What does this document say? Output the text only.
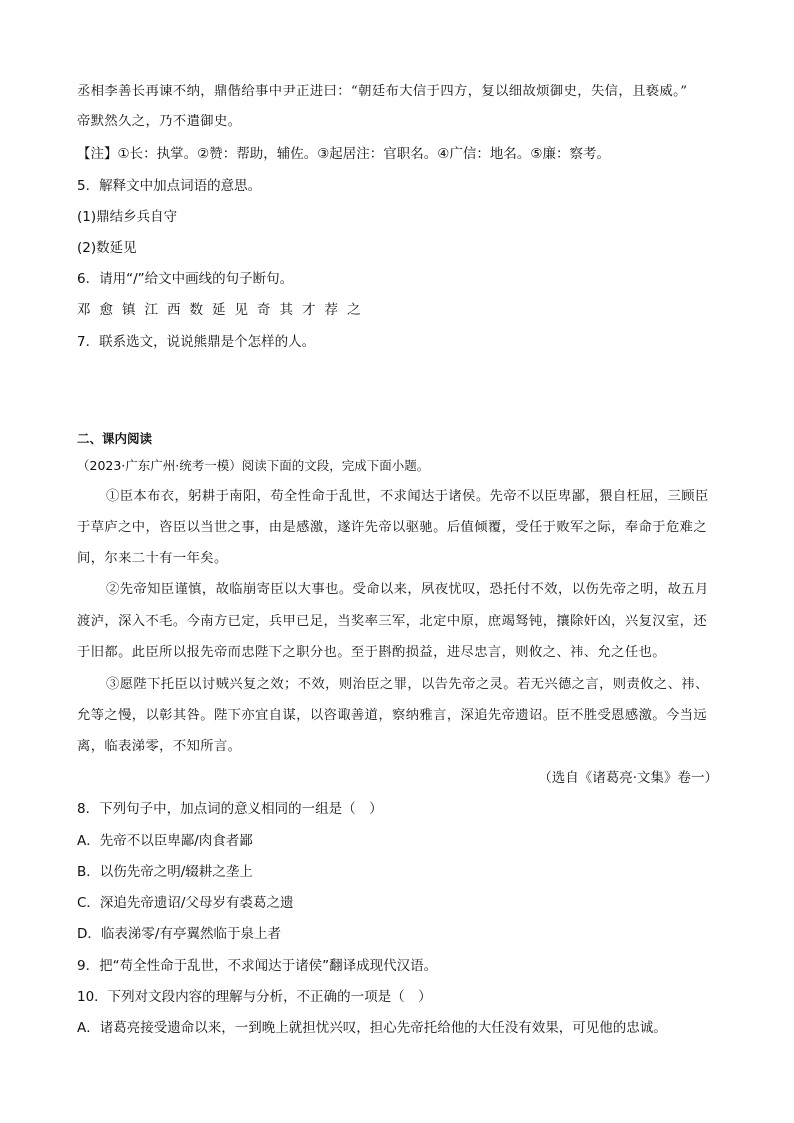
丞相李善长再谏不纳，鼎偕给事中尹正进曰：“朝廷布大信于四方，复以细故烦御史，失信，且亵威。”
帝默然久之，乃不遣御史。
【注】①长：执掌。②赞：帮助，辅佐。③起居注：官职名。④广信：地名。⑤廉：察考。
5．解释文中加点词语的意思。
(1)鼎结乡兵自守
(2)数延见
6．请用“/”给文中画线的句子断句。
邓愈镇江西数延见奇其才荐之
7．联系选文，说说熊鼎是个怎样的人。
二、课内阅读
（2023·广东广州·统考一模）阅读下面的文段，完成下面小题。
①臣本布衣，躬耕于南阳，苟全性命于乱世，不求闻达于诸侯。先帝不以臣卑鄙，猥自枉屈，三顾臣
于草庐之中，咨臣以当世之事，由是感激，遂许先帝以驱驰。后值倾覆，受任于败军之际，奉命于危难之
间，尔来二十有一年矣。
②先帝知臣谨慎，故临崩寄臣以大事也。受命以来，夙夜忧叹，恐托付不效，以伤先帝之明，故五月
渡泸，深入不毛。今南方已定，兵甲已足，当奖率三军，北定中原，庶竭驽钝，攘除奸凶，兴复汉室，还
于旧都。此臣所以报先帝而忠陛下之职分也。至于斟酌损益，进尽忠言，则攸之、祎、允之任也。
③愿陛下托臣以讨贼兴复之效；不效，则治臣之罪，以告先帝之灵。若无兴德之言，则责攸之、祎、
允等之慢，以彰其咎。陛下亦宜自谋，以咨诹善道，察纳雅言，深追先帝遗诏。臣不胜受恩感激。今当远
离，临表涕零，不知所言。
（选自《诸葛亮·文集》卷一）
8．下列句子中，加点词的意义相同的一组是（　）
A．先帝不以臣卑鄙/肉食者鄙
B．以伤先帝之明/辍耕之垄上
C．深追先帝遗诏/父母岁有裘葛之遗
D．临表涕零/有亭翼然临于泉上者
9．把“苟全性命于乱世，不求闻达于诸侯”翻译成现代汉语。
10．下列对文段内容的理解与分析，不正确的一项是（　）
A．诸葛亮接受遗命以来，一到晚上就担忧兴叹，担心先帝托给他的大任没有效果，可见他的忠诚。
